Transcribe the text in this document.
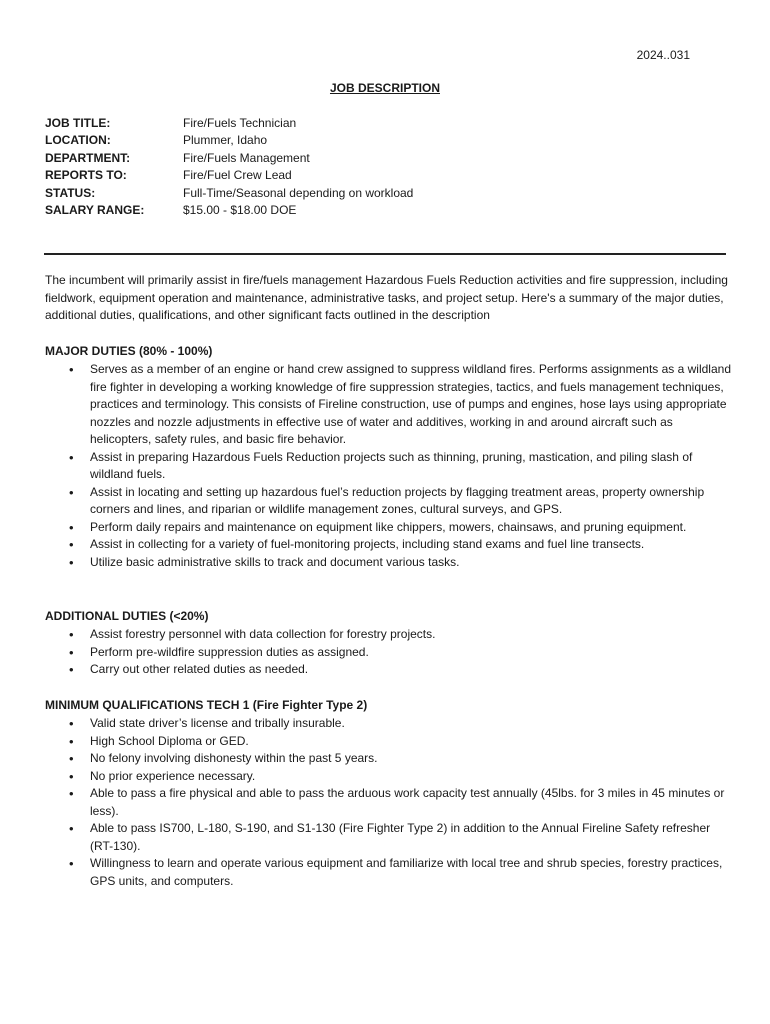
2024..031
JOB DESCRIPTION
JOB TITLE:	Fire/Fuels Technician
LOCATION:	Plummer, Idaho
DEPARTMENT:	Fire/Fuels Management
REPORTS TO:	Fire/Fuel Crew Lead
STATUS:	Full-Time/Seasonal depending on workload
SALARY RANGE:	$15.00 - $18.00 DOE
The incumbent will primarily assist in fire/fuels management Hazardous Fuels Reduction activities and fire suppression, including fieldwork, equipment operation and maintenance, administrative tasks, and project setup. Here's a summary of the major duties, additional duties, qualifications, and other significant facts outlined in the description
MAJOR DUTIES (80% - 100%)
• Serves as a member of an engine or hand crew assigned to suppress wildland fires. Performs assignments as a wildland fire fighter in developing a working knowledge of fire suppression strategies, tactics, and fuels management techniques, practices and terminology. This consists of Fireline construction, use of pumps and engines, hose lays using appropriate nozzles and nozzle adjustments in effective use of water and additives, working in and around aircraft such as helicopters, safety rules, and basic fire behavior.
• Assist in preparing Hazardous Fuels Reduction projects such as thinning, pruning, mastication, and piling slash of wildland fuels.
• Assist in locating and setting up hazardous fuel’s reduction projects by flagging treatment areas, property ownership corners and lines, and riparian or wildlife management zones, cultural surveys, and GPS.
• Perform daily repairs and maintenance on equipment like chippers, mowers, chainsaws, and pruning equipment.
• Assist in collecting for a variety of fuel-monitoring projects, including stand exams and fuel line transects.
• Utilize basic administrative skills to track and document various tasks.
ADDITIONAL DUTIES (<20%)
• Assist forestry personnel with data collection for forestry projects.
• Perform pre-wildfire suppression duties as assigned.
• Carry out other related duties as needed.
MINIMUM QUALIFICATIONS TECH 1 (Fire Fighter Type 2)
• Valid state driver’s license and tribally insurable.
• High School Diploma or GED.
• No felony involving dishonesty within the past 5 years.
• No prior experience necessary.
• Able to pass a fire physical and able to pass the arduous work capacity test annually (45lbs. for 3 miles in 45 minutes or less).
• Able to pass IS700, L-180, S-190, and S1-130 (Fire Fighter Type 2) in addition to the Annual Fireline Safety refresher (RT-130).
• Willingness to learn and operate various equipment and familiarize with local tree and shrub species, forestry practices, GPS units, and computers.
